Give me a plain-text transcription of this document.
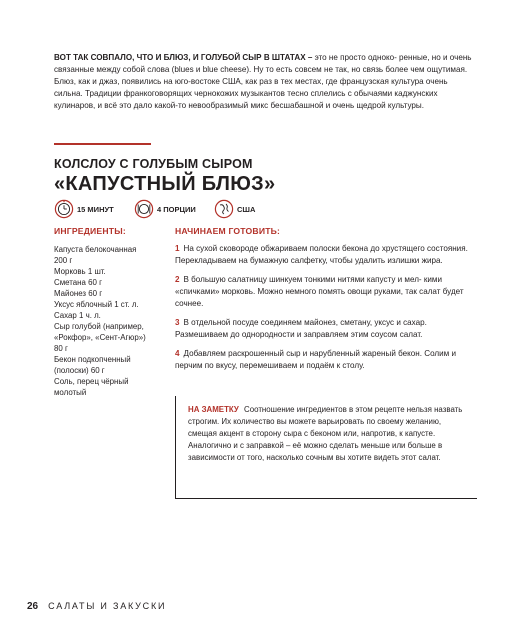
ВОТ ТАК СОВПАЛО, ЧТО И БЛЮЗ, И ГОЛУБОЙ СЫР В ШТАТАХ – это не просто одноко- ренные, но и очень связанные между собой слова (blues и blue cheese). Ну то есть совсем не так, но связь более чем ощутимая. Блюз, как и джаз, появились на юго-востоке США, как раз в тех местах, где французская культура очень сильна. Традиции франкоговорящих чернокожих музыкантов тесно сплелись с обычаями каджунских кулинаров, и всё это дало какой-то невообразимый микс бесшабашной и очень щедрой культуры.

КОЛСЛОУ С ГОЛУБЫМ СЫРОМ
«КАПУСТНЫЙ БЛЮЗ»
15 МИНУТ	4 ПОРЦИИ	США
ИНГРЕДИЕНТЫ:
Капуста белокочанная
200 г
Морковь 1 шт.
Сметана 60 г
Майонез 60 г
Уксус яблочный 1 ст. л.
Сахар 1 ч. л.
Сыр голубой (например,
«Рокфор», «Сент-Агюр»)
80 г
Бекон подкопченный
(полоски) 60 г
Соль, перец чёрный
молотый
НАЧИНАЕМ ГОТОВИТЬ:
1 На сухой сковороде обжариваем полоски бекона до хрустящего состояния. Перекладываем на бумажную салфетку, чтобы удалить излишки жира.
2 В большую салатницу шинкуем тонкими нитями капусту и мел- кими «спичками» морковь. Можно немного помять овощи руками, так салат будет сочнее.
3 В отдельной посуде соединяем майонез, сметану, уксус и сахар. Размешиваем до однородности и заправляем этим соусом салат.
4 Добавляем раскрошенный сыр и нарубленный жареный бекон. Солим и перчим по вкусу, перемешиваем и подаём к столу.
НА ЗАМЕТКУ Соотношение ингредиентов в этом рецепте нельзя назвать строгим. Их количество вы можете варьировать по своему желанию, смещая акцент в сторону сыра с беконом или, напротив, к капусте. Аналогично и с заправкой – её можно сделать меньше или больше в зависимости от того, насколько сочным вы хотите видеть этот салат.
26 САЛАТЫ И ЗАКУСКИ
